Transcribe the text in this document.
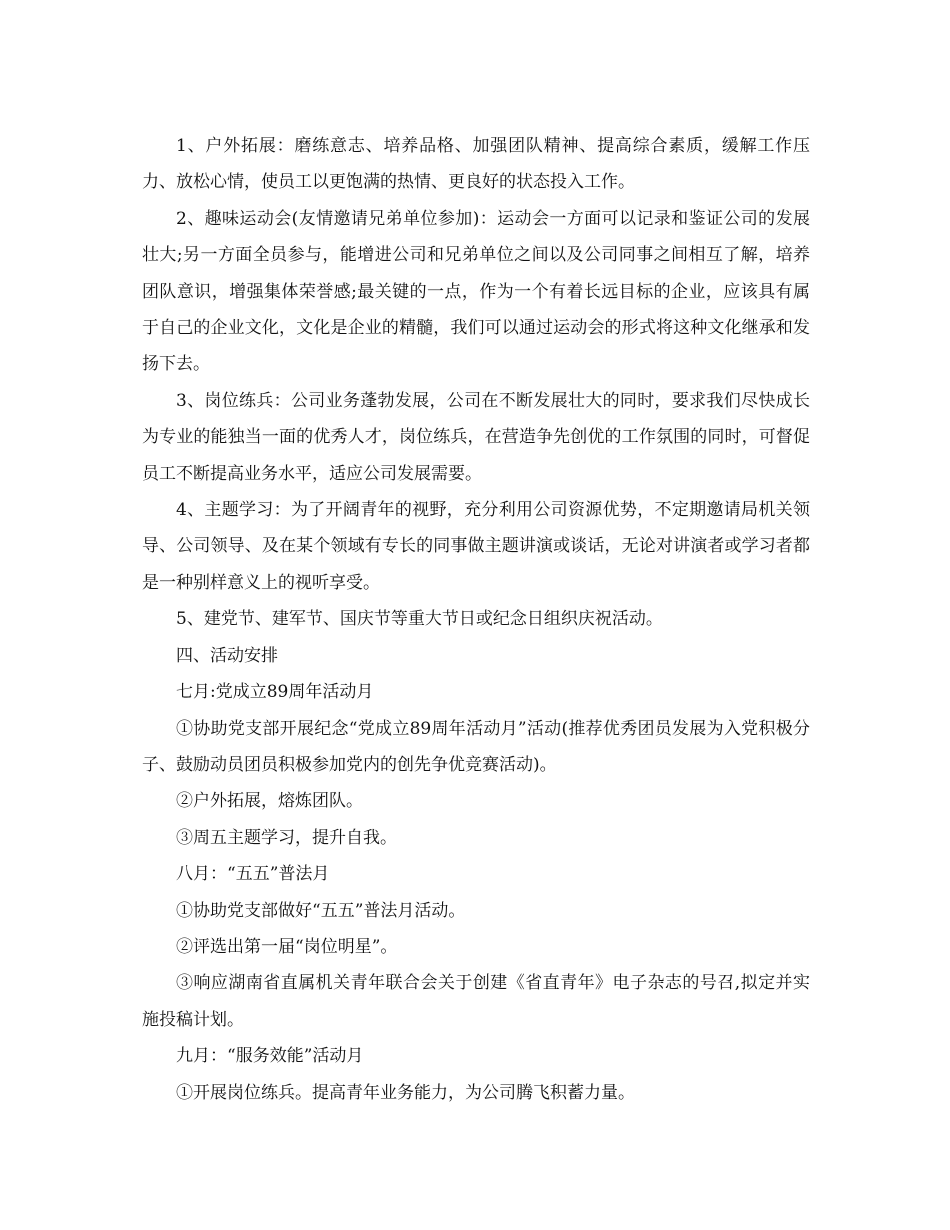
1、户外拓展：磨练意志、培养品格、加强团队精神、提高综合素质，缓解工作压力、放松心情，使员工以更饱满的热情、更良好的状态投入工作。

2、趣味运动会(友情邀请兄弟单位参加)：运动会一方面可以记录和鉴证公司的发展壮大;另一方面全员参与，能增进公司和兄弟单位之间以及公司同事之间相互了解，培养团队意识，增强集体荣誉感;最关键的一点，作为一个有着长远目标的企业，应该具有属于自己的企业文化，文化是企业的精髓，我们可以通过运动会的形式将这种文化继承和发扬下去。

3、岗位练兵：公司业务蓬勃发展，公司在不断发展壮大的同时，要求我们尽快成长为专业的能独当一面的优秀人才，岗位练兵，在营造争先创优的工作氛围的同时，可督促员工不断提高业务水平，适应公司发展需要。

4、主题学习：为了开阔青年的视野，充分利用公司资源优势，不定期邀请局机关领导、公司领导、及在某个领域有专长的同事做主题讲演或谈话，无论对讲演者或学习者都是一种别样意义上的视听享受。

5、建党节、建军节、国庆节等重大节日或纪念日组织庆祝活动。

四、活动安排

七月:党成立89周年活动月

①协助党支部开展纪念“党成立89周年活动月”活动(推荐优秀团员发展为入党积极分子、鼓励动员团员积极参加党内的创先争优竞赛活动)。

②户外拓展，熔炼团队。

③周五主题学习，提升自我。

八月：“五五”普法月

①协助党支部做好“五五”普法月活动。

②评选出第一届“岗位明星”。

③响应湖南省直属机关青年联合会关于创建《省直青年》电子杂志的号召,拟定并实施投稿计划。

九月：“服务效能”活动月

①开展岗位练兵。提高青年业务能力，为公司腾飞积蓄力量。
